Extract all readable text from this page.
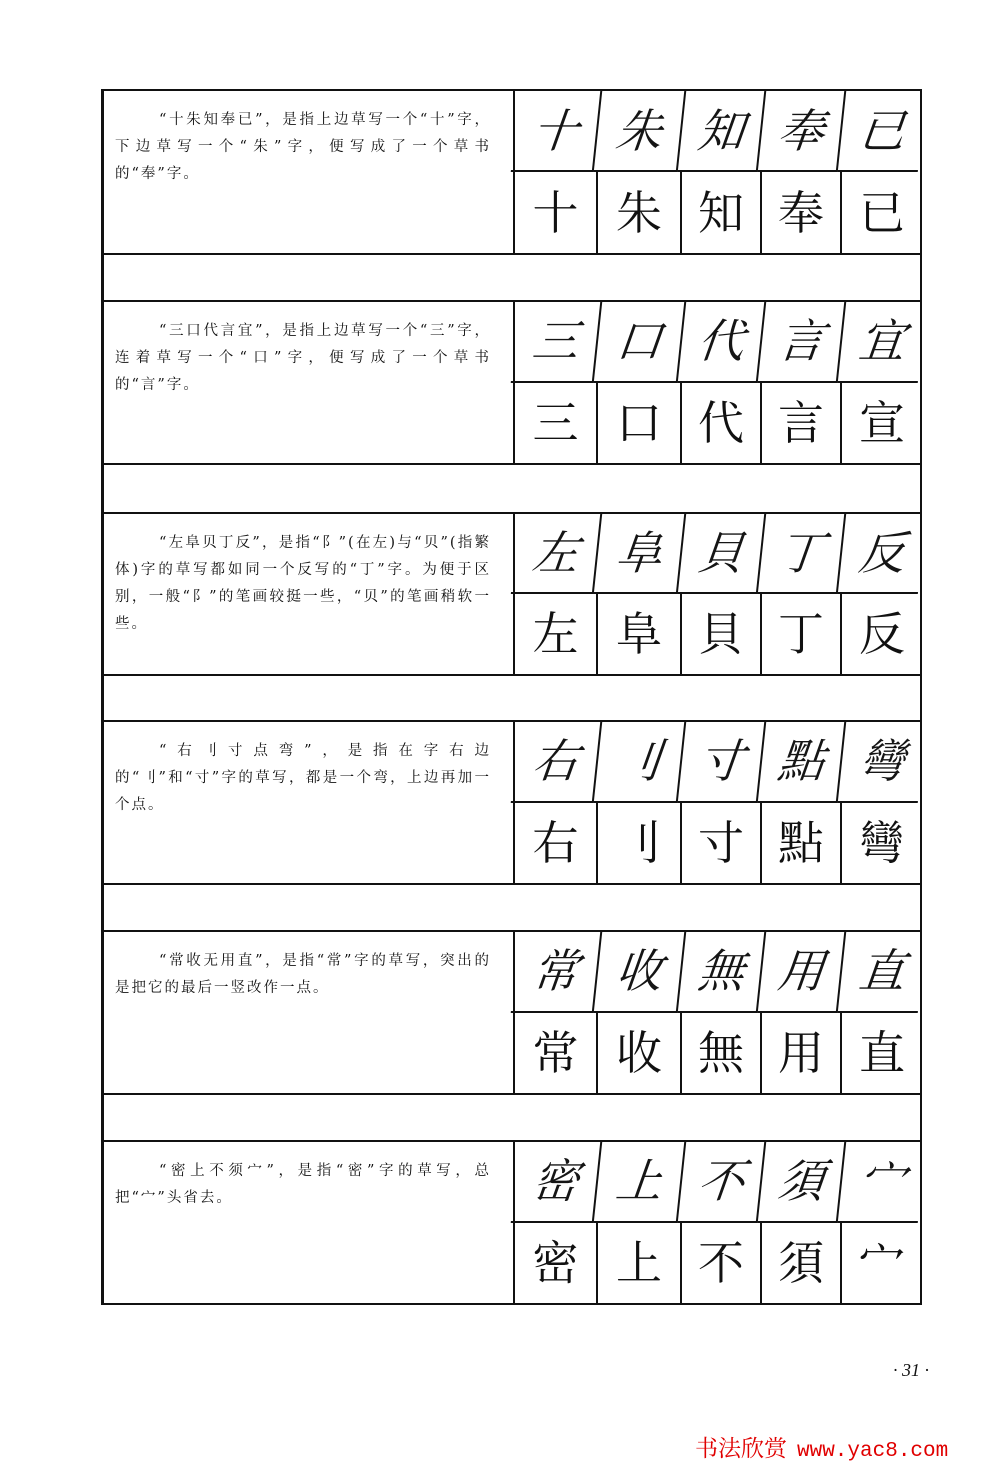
“十朱知奉已”，是指上边草写一个“十”字，下边草写一个“朱”字，便写成了一个草书的“奉”字。
十 朱 知 奉 已
十 朱 知 奉 已
“三口代言宜”，是指上边草写一个“三”字，连着草写一个“口”字，便写成了一个草书的“言”字。
三 口 代 言 宜
三 口 代 言 宣
“左阜贝丁反”，是指“阝”(在左)与“贝”(指繁体)字的草写都如同一个反写的“丁”字。为便于区别，一般“阝”的笔画较挺一些，“贝”的笔画稍软一些。
左 阜 貝 丁 反
左 阜 貝 丁 反
“右刂寸点弯”，是指在字右边的“刂”和“寸”字的草写，都是一个弯，上边再加一个点。
右 刂 寸 點 彎
右 刂 寸 點 彎
“常收无用直”，是指“常”字的草写，突出的是把它的最后一竖改作一点。	常 收 無 用 直
常 收 無 用 直
“密上不须宀”，是指“密”字的草写，总把“宀”头省去。	密 上 不 須 宀
密 上 不 須 宀
· 31 ·
书法欣赏 www.yac8.com
